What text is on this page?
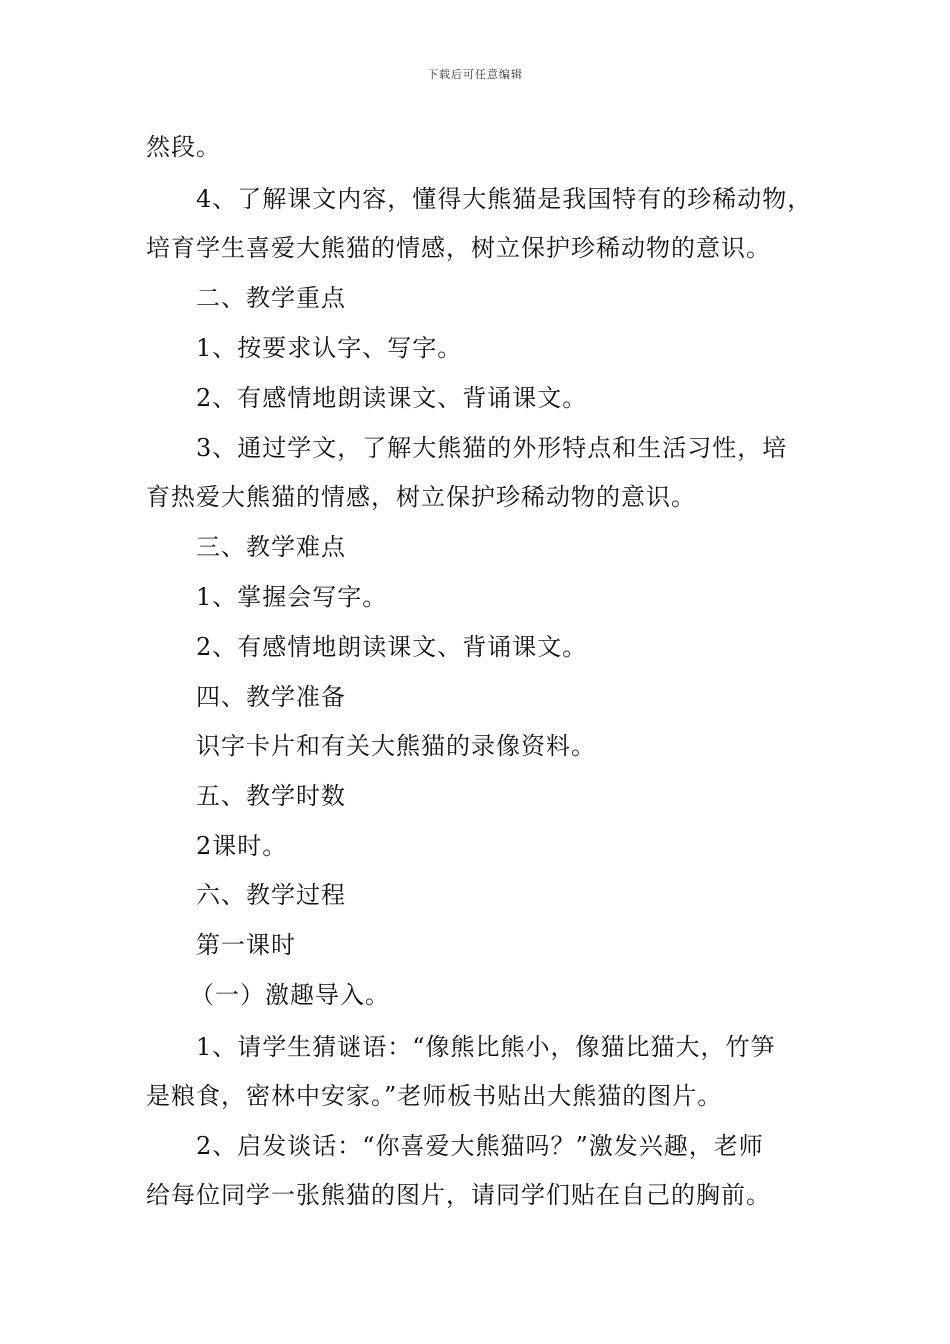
下载后可任意编辑
然段。
4、了解课文内容，懂得大熊猫是我国特有的珍稀动物，
培育学生喜爱大熊猫的情感，树立保护珍稀动物的意识。
二、教学重点
1、按要求认字、写字。
2、有感情地朗读课文、背诵课文。
3、通过学文，了解大熊猫的外形特点和生活习性，培
育热爱大熊猫的情感，树立保护珍稀动物的意识。
三、教学难点
1、掌握会写字。
2、有感情地朗读课文、背诵课文。
四、教学准备
识字卡片和有关大熊猫的录像资料。
五、教学时数
2课时。
六、教学过程
第一课时
（一）激趣导入。
1、请学生猜谜语：“像熊比熊小，像猫比猫大，竹笋
是粮食，密林中安家。”老师板书贴出大熊猫的图片。
2、启发谈话：“你喜爱大熊猫吗？”激发兴趣，老师
给每位同学一张熊猫的图片，请同学们贴在自己的胸前。
